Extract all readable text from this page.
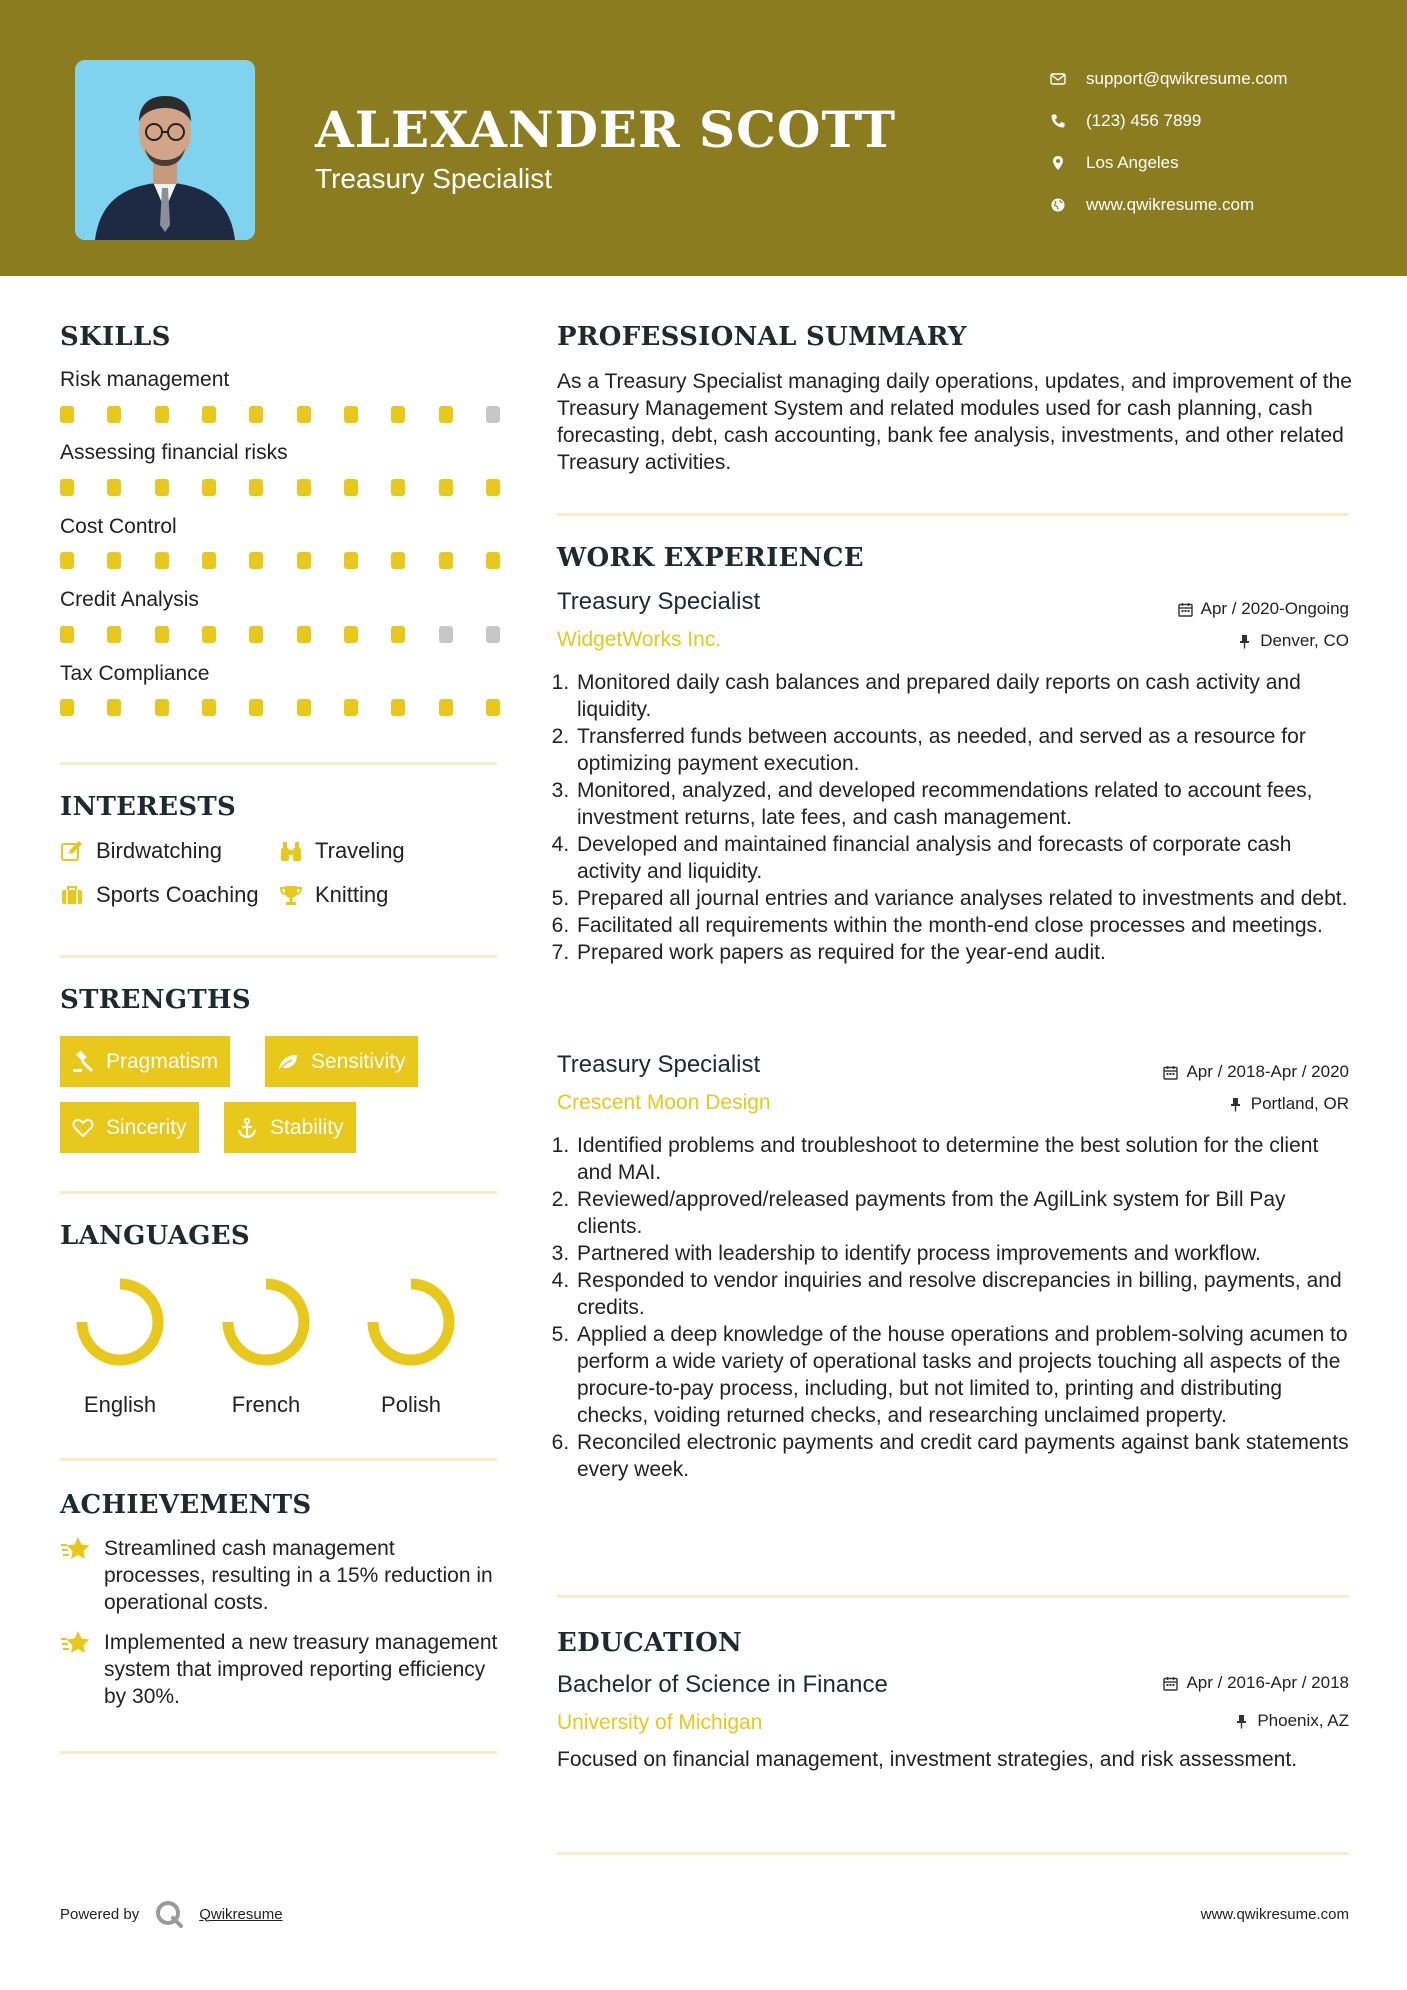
ALEXANDER SCOTT
Treasury Specialist
support@qwikresume.com
(123) 456 7899
Los Angeles
www.qwikresume.com
SKILLS
Risk management
Assessing financial risks
Cost Control
Credit Analysis
Tax Compliance
INTERESTS
Birdwatching	Traveling
Sports Coaching	Knitting
STRENGTHS
Pragmatism	Sensitivity
Sincerity	Stability
LANGUAGES
English	French	Polish
ACHIEVEMENTS
Streamlined cash management processes, resulting in a 15% reduction in operational costs.
Implemented a new treasury management system that improved reporting efficiency by 30%.
PROFESSIONAL SUMMARY
As a Treasury Specialist managing daily operations, updates, and improvement of the Treasury Management System and related modules used for cash planning, cash forecasting, debt, cash accounting, bank fee analysis, investments, and other related Treasury activities.
WORK EXPERIENCE
Treasury Specialist	Apr / 2020-Ongoing
WidgetWorks Inc.	Denver, CO
1. Monitored daily cash balances and prepared daily reports on cash activity and liquidity.
2. Transferred funds between accounts, as needed, and served as a resource for optimizing payment execution.
3. Monitored, analyzed, and developed recommendations related to account fees, investment returns, late fees, and cash management.
4. Developed and maintained financial analysis and forecasts of corporate cash activity and liquidity.
5. Prepared all journal entries and variance analyses related to investments and debt.
6. Facilitated all requirements within the month-end close processes and meetings.
7. Prepared work papers as required for the year-end audit.
Treasury Specialist	Apr / 2018-Apr / 2020
Crescent Moon Design	Portland, OR
1. Identified problems and troubleshoot to determine the best solution for the client and MAI.
2. Reviewed/approved/released payments from the AgilLink system for Bill Pay clients.
3. Partnered with leadership to identify process improvements and workflow.
4. Responded to vendor inquiries and resolve discrepancies in billing, payments, and credits.
5. Applied a deep knowledge of the house operations and problem-solving acumen to perform a wide variety of operational tasks and projects touching all aspects of the procure-to-pay process, including, but not limited to, printing and distributing checks, voiding returned checks, and researching unclaimed property.
6. Reconciled electronic payments and credit card payments against bank statements every week.
EDUCATION
Bachelor of Science in Finance	Apr / 2016-Apr / 2018
University of Michigan	Phoenix, AZ
Focused on financial management, investment strategies, and risk assessment.
Powered by	Qwikresume	www.qwikresume.com
